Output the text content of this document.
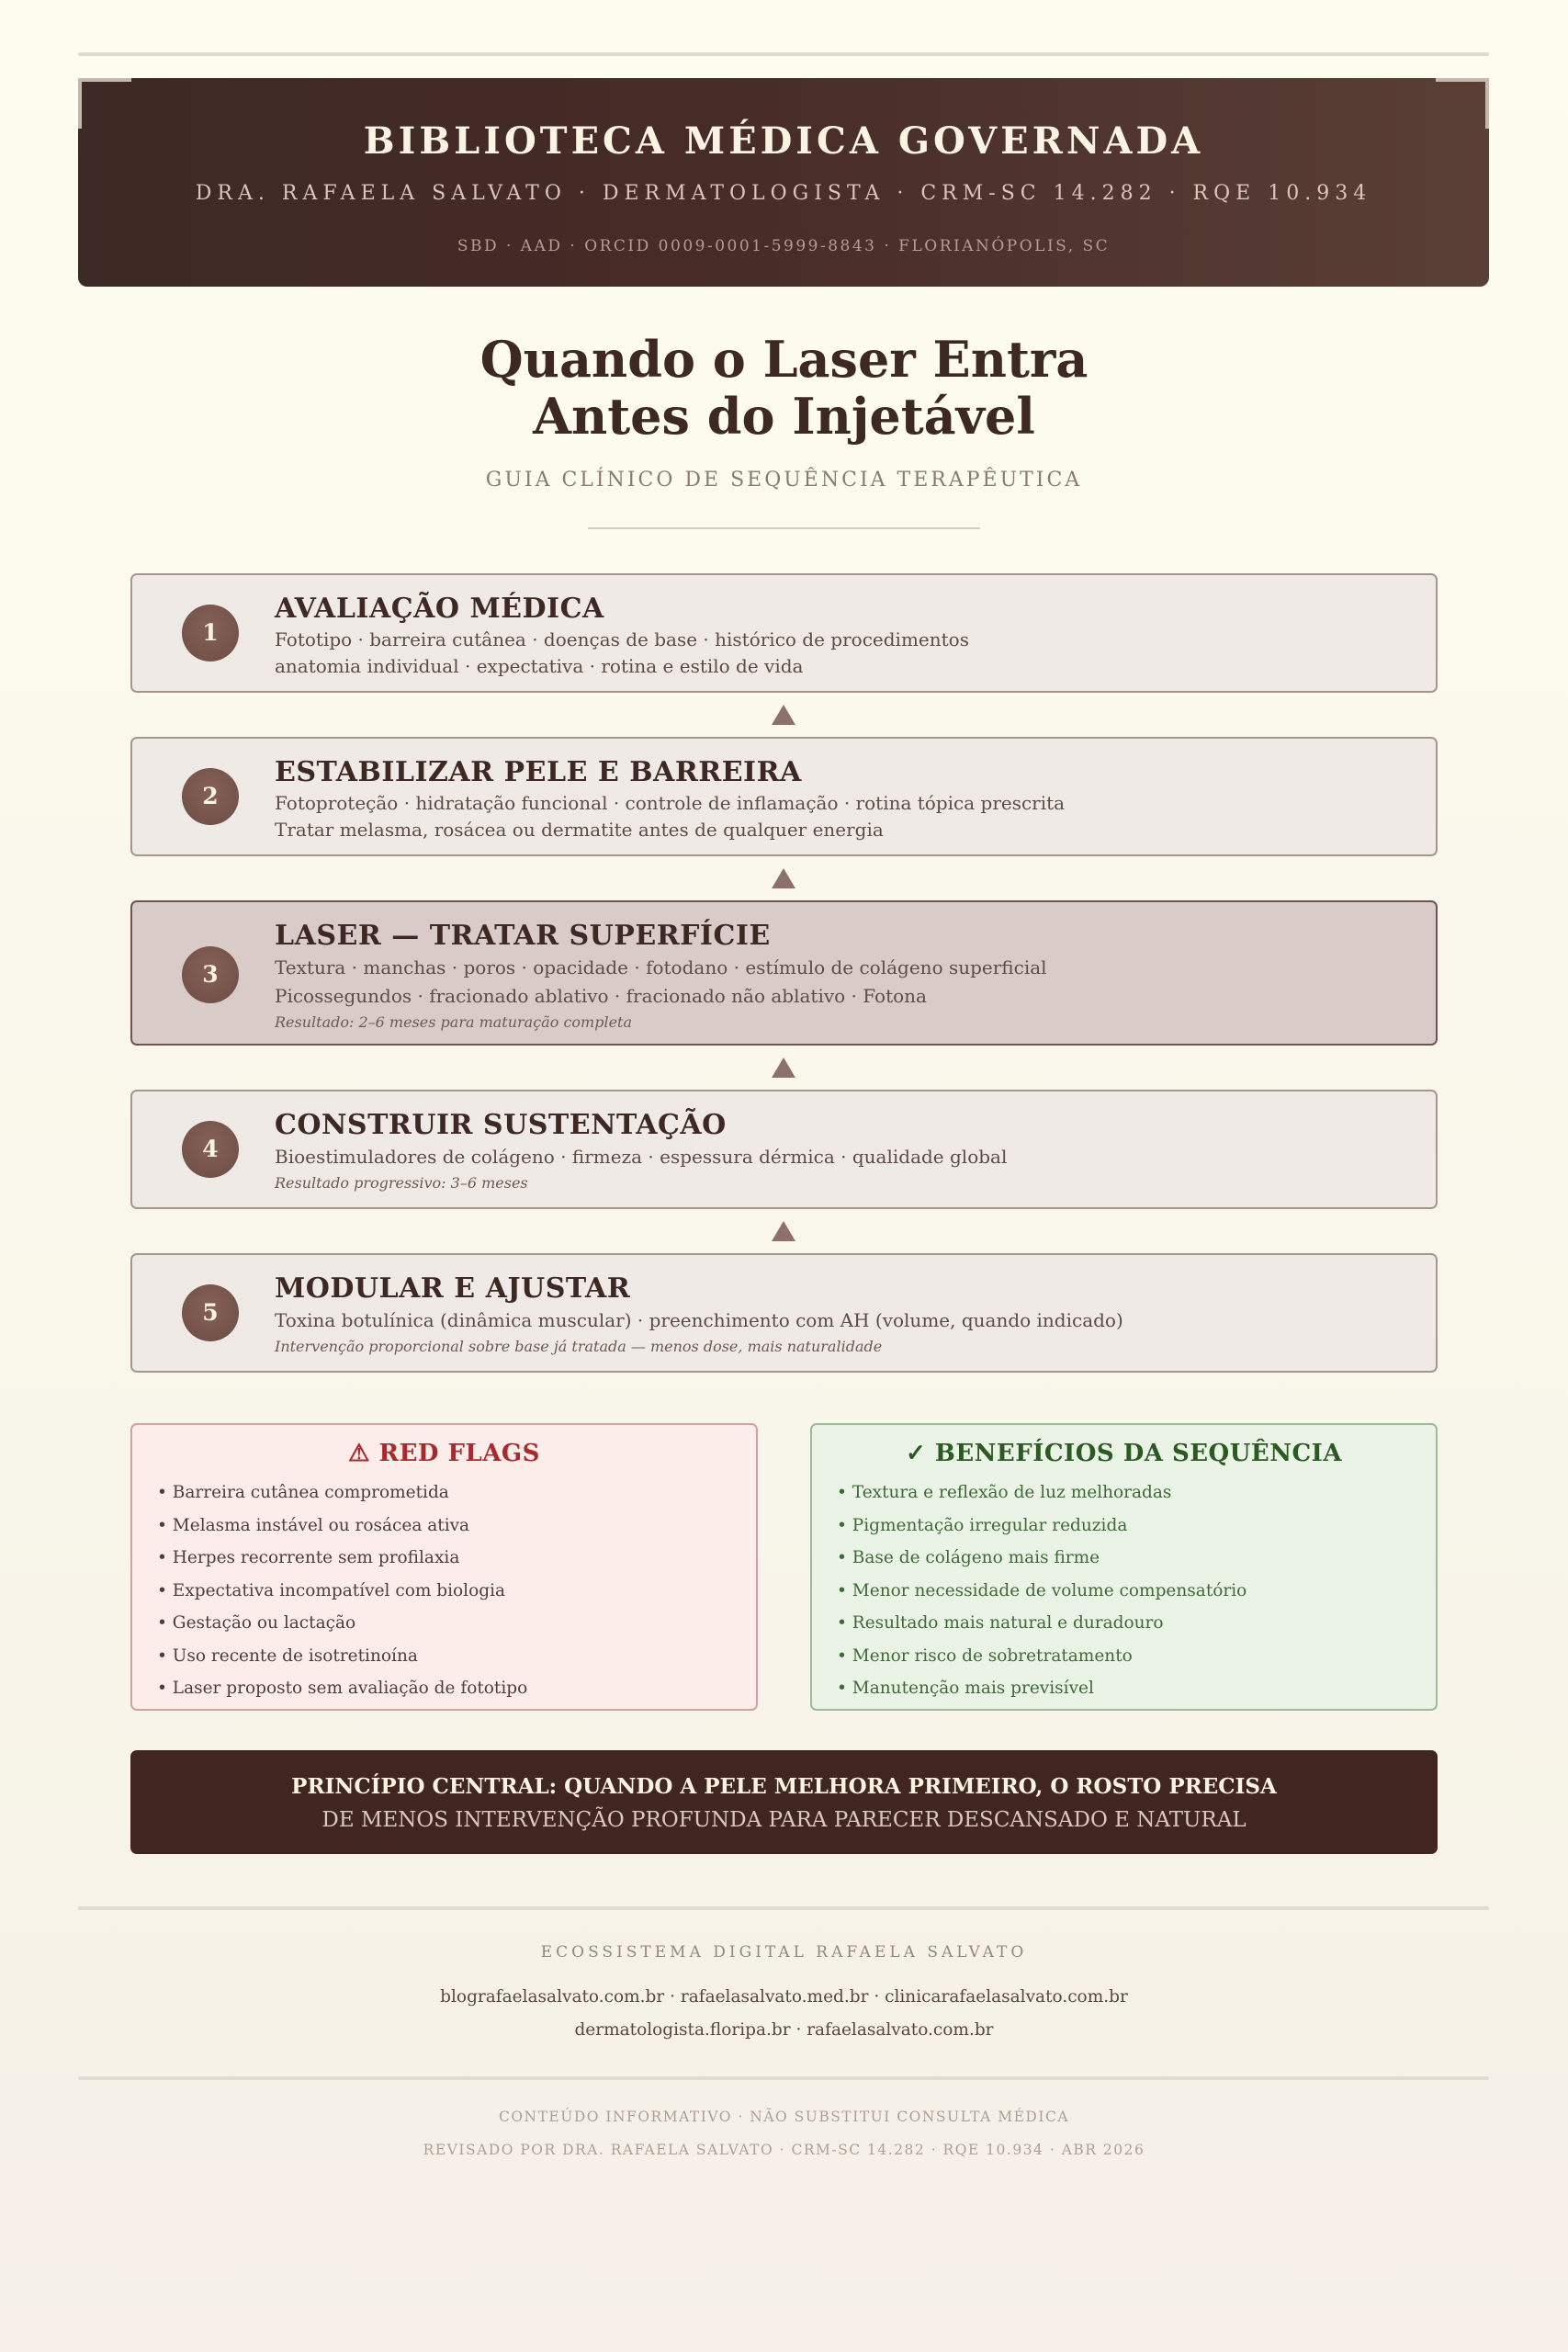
BIBLIOTECA MÉDICA GOVERNADA
DRA. RAFAELA SALVATO · DERMATOLOGISTA · CRM-SC 14.282 · RQE 10.934
SBD · AAD · ORCID 0009-0001-5999-8843 · FLORIANÓPOLIS, SC
Quando o Laser Entra
Antes do Injetável
GUIA CLÍNICO DE SEQUÊNCIA TERAPÊUTICA
1
AVALIAÇÃO MÉDICA
Fototipo · barreira cutânea · doenças de base · histórico de procedimentos
anatomia individual · expectativa · rotina e estilo de vida
2
ESTABILIZAR PELE E BARREIRA
Fotoproteção · hidratação funcional · controle de inflamação · rotina tópica prescrita
Tratar melasma, rosácea ou dermatite antes de qualquer energia
3
LASER — TRATAR SUPERFÍCIE
Textura · manchas · poros · opacidade · fotodano · estímulo de colágeno superficial
Picossegundos · fracionado ablativo · fracionado não ablativo · Fotona
Resultado: 2–6 meses para maturação completa
4
CONSTRUIR SUSTENTAÇÃO
Bioestimuladores de colágeno · firmeza · espessura dérmica · qualidade global
Resultado progressivo: 3–6 meses
5
MODULAR E AJUSTAR
Toxina botulínica (dinâmica muscular) · preenchimento com AH (volume, quando indicado)
Intervenção proporcional sobre base já tratada — menos dose, mais naturalidade
⚠ RED FLAGS
• Barreira cutânea comprometida
• Melasma instável ou rosácea ativa
• Herpes recorrente sem profilaxia
• Expectativa incompatível com biologia
• Gestação ou lactação
• Uso recente de isotretinoína
• Laser proposto sem avaliação de fototipo
✓ BENEFÍCIOS DA SEQUÊNCIA
• Textura e reflexão de luz melhoradas
• Pigmentação irregular reduzida
• Base de colágeno mais firme
• Menor necessidade de volume compensatório
• Resultado mais natural e duradouro
• Menor risco de sobretratamento
• Manutenção mais previsível
PRINCÍPIO CENTRAL: QUANDO A PELE MELHORA PRIMEIRO, O ROSTO PRECISA
DE MENOS INTERVENÇÃO PROFUNDA PARA PARECER DESCANSADO E NATURAL
ECOSSISTEMA DIGITAL RAFAELA SALVATO
blografaelasalvato.com.br · rafaelasalvato.med.br · clinicarafaelasalvato.com.br
dermatologista.floripa.br · rafaelasalvato.com.br
CONTEÚDO INFORMATIVO · NÃO SUBSTITUI CONSULTA MÉDICA
REVISADO POR DRA. RAFAELA SALVATO · CRM-SC 14.282 · RQE 10.934 · ABR 2026
